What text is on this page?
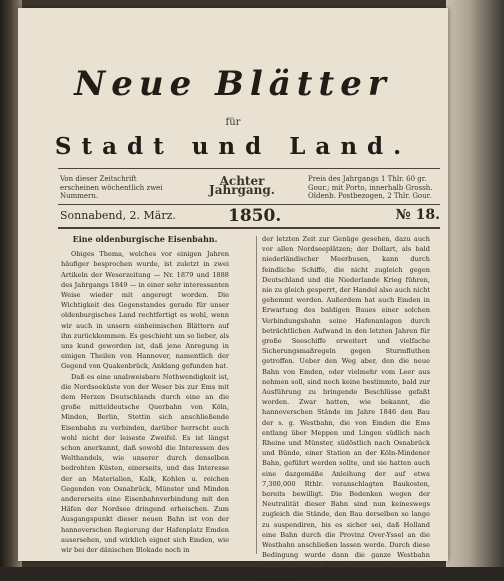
Neue Blätter
für
Stadt und Land.
Von dieser Zeitschrift erscheinen wöchentlich zwei Nummern.
Achter Jahrgang.
Preis des Jahrgangs 1 Thlr. 60 gr. Gour.; mit Porto, innerhalb Grossh. Oldenb. Postbezogen, 2 Thlr. Gour.
Sonnabend, 2. März.	1850.	№ 18.
Eine oldenburgische Eisenbahn.

Obiges Thema, welches vor einigen Jahren häufiger besprochen wurde, ist zuletzt in zwei Artikeln der Weserzeitung — Nr. 1879 und 1888 des Jahrgangs 1849 — in einer sehr interessanten Weise wieder mit angeregt worden. Die Wichtigkeit des Gegenstandes gerade für unser oldenburgisches Land rechtfertigt es wohl, wenn wir auch in unsern einheimischen Blättern auf ihn zurückkommen. Es geschieht um so lieber, als uns kund geworden ist, daß jene Anregung in einigen Theilen von Hannover, namentlich der Gegend von Quakenbrück, Anklang gefunden hat.

Daß es eine unabweisbare Nothwendigkeit ist, die Nordseeküste von der Weser bis zur Ems mit dem Herzen Deutschlands durch eine an die große mitteldeutsche Querbahn von Köln, Minden, Berlin, Stettin sich anschließende Eisenbahn zu verbinden, darüber herrscht auch wohl nicht der leiseste Zweifel. Es ist längst schon anerkannt, daß sowohl die Interessen des Welthandels, wie unserer durch denselben bedrohten Küsten, einerseits, und das Interesse der an Materialien, Kalk, Kohlen u. reichen Gegenden von Osnabrück, Münster und Minden andererseits eine Eisenbahnverbindung mit den Häfen der Nordsee dringend erheischen. Zum Ausgangspunkt dieser neuen Bahn ist von der hannoverschen Regierung der Hafenplatz Emden ausersehen, und wirklich eignet sich Emden, wie wir bei der dänischen Blokade noch in

der letzten Zeit zur Genüge gesehen, dazu auch vor allen Nordseeplätzen; der Dollart, als bald niederländischer Meerbusen, kann durch feindliche Schiffe, die nicht zugleich gegen Deutschland und die Niederlande Krieg führen, nie zu gleich gesperrt, der Handel also auch nicht gehemmt werden. Außerdem hat auch Emden in Erwartung des baldigen Baues einer solchen Verbindungsbahn seine Hafenanlagen durch beträchtlichen Aufwand in den letzten Jahren für große Seeschiffe erweitert und vielfache Sicherungsmaßregeln gegen Sturmfluthen getroffen. Ueber den Weg aber, den die neue Bahn von Emden, oder vielmehr vom Leer aus nehmen soll, sind noch keine bestimmte, bald zur Ausführung zu bringende Beschlüsse gefaßt worden. Zwar hatten, wie bekannt, die hannoverschen Stände im Jahre 1846 den Bau der s. g. Westbahn, die von Emden die Ems entlang über Meppen und Lingen südlich nach Rheine und Münster, südöstlich nach Osnabrück und Bünde, einer Station an der Köln-Mindener Bahn, geführt werden sollte, und sie hatten auch eine dazgemäße Anleihung der auf etwa 7,300,000 Rthlr. veranschlagten Baukosten, bereits bewilligt. Die Bedenken wegen der Neutralität dieser Bahn sind nun keineswegs zugleich die Stände, den Bau derselben so lange zu suspendiren, bis es sicher sei, daß Holland eine Bahn durch die Provinz Over-Yssel an die Westbahn anschließen lassen werde. Durch diese Bedingung wurde dann die ganze Westbahn wieder in weite Ferne geschoben, denn dem Interesse
